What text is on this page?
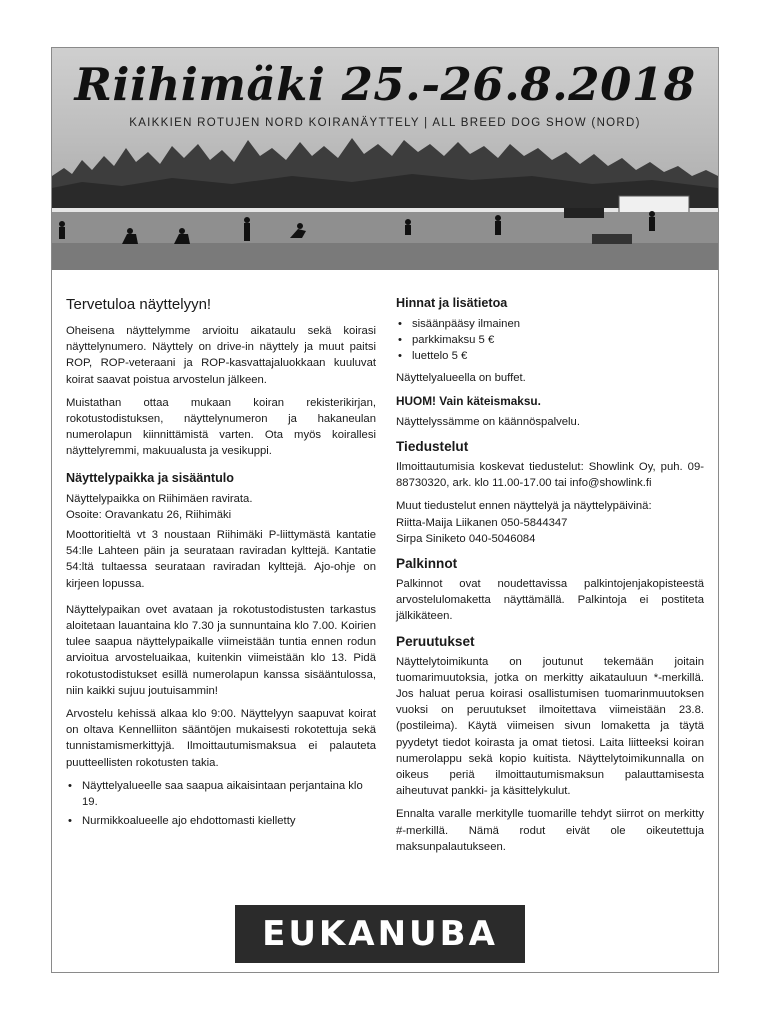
Riihimäki 25.-26.8.2018
KAIKKIEN ROTUJEN NORD KOIRANÄYTTELY | ALL BREED DOG SHOW (NORD)
Tervetuloa näyttelyyn!

Oheisena näyttelymme arvioitu aikataulu sekä koirasi näyttelynumero. Näyttely on drive-in näyttely ja muut paitsi ROP, ROP-veteraani ja ROP-kasvattajaluokkaan kuuluvat koirat saavat poistua arvostelun jälkeen.

Muistathan ottaa mukaan koiran rekisterikirjan, rokotustodistuksen, näyttelynumeron ja hakaneulan numerolapun kiinnittämistä varten. Ota myös koirallesi näyttelyremmi, makuualusta ja vesikuppi.

Näyttelypaikka ja sisääntulo

Näyttelypaikka on Riihimäen ravirata.
Osoite: Oravankatu 26, Riihimäki

Moottoritieltä vt 3 noustaan Riihimäki P-liittymästä kantatie 54:lle Lahteen päin ja seurataan raviradan kylttejä. Kantatie 54:ltä tultaessa seurataan raviradan kylttejä. Ajo-ohje on kirjeen lopussa.

Näyttelypaikan ovet avataan ja rokotustodistusten tarkastus aloitetaan lauantaina klo 7.30 ja sunnuntaina klo 7.00. Koirien tulee saapua näyttelypaikalle viimeistään tuntia ennen rodun arvioitua arvosteluaikaa, kuitenkin viimeistään klo 13. Pidä rokotustodistukset esillä numerolapun kanssa sisääntulossa, niin kaikki sujuu joutuisammin!

Arvostelu kehissä alkaa klo 9:00. Näyttelyyn saapuvat koirat on oltava Kennelliiton sääntöjen mukaisesti rokotettuja sekä tunnistamismerkittyjä. Ilmoittautumismaksua ei palauteta puutteellisten rokotusten takia.

• Näyttelyalueelle saa saapua aikaisintaan perjantaina klo 19.
• Nurmikkoalueelle ajo ehdottomasti kielletty
Hinnat ja lisätietoa
• sisäänpääsy ilmainen
• parkkimaksu 5 €
• luettelo 5 €

Näyttelyalueella on buffet.

HUOM! Vain käteismaksu.

Näyttelyssämme on käännöspalvelu.

Tiedustelut

Ilmoittautumisia koskevat tiedustelut: Showlink Oy, puh. 09-88730320, ark. klo 11.00-17.00 tai info@showlink.fi

Muut tiedustelut ennen näyttelyä ja näyttelypäivinä:

Riitta-Maija Liikanen 050-5844347
Sirpa Siniketo 040-5046084

Palkinnot

Palkinnot ovat noudettavissa palkintojenjakopisteestä arvostelulomaketta näyttämällä. Palkintoja ei postiteta jälkikäteen.

Peruutukset

Näyttelytoimikunta on joutunut tekemään joitain tuomarimuutoksia, jotka on merkitty aikatauluun *-merkillä. Jos haluat perua koirasi osallistumisen tuomarinmuutoksen vuoksi on peruutukset ilmoitettava viimeistään 23.8. (postileima). Käytä viimeisen sivun lomaketta ja täytä pyydetyt tiedot koirasta ja omat tietosi. Laita liitteeksi koiran numerolappu sekä kopio kuitista. Näyttelytoimikunnalla on oikeus periä ilmoittautumismaksun palauttamisesta aiheutuvat pankki- ja käsittelykulut.

Ennalta varalle merkitylle tuomarille tehdyt siirrot on merkitty #-merkillä. Nämä rodut eivät ole oikeutettuja maksunpalautukseen.

EUKANUBA
